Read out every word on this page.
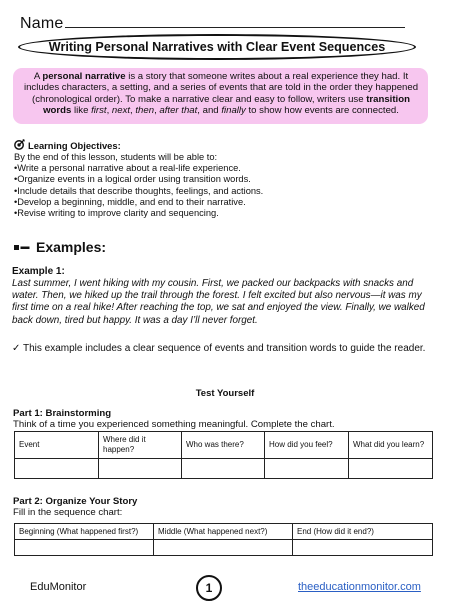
Name
Writing Personal Narratives with Clear Event Sequences
A personal narrative is a story that someone writes about a real experience they had. It includes characters, a setting, and a series of events that are told in the order they happened (chronological order). To make a narrative clear and easy to follow, writers use transition words like first, next, then, after that, and finally to show how events are connected.
Learning Objectives:
By the end of this lesson, students will be able to:
•Write a personal narrative about a real-life experience.
•Organize events in a logical order using transition words.
•Include details that describe thoughts, feelings, and actions.
•Develop a beginning, middle, and end to their narrative.
•Revise writing to improve clarity and sequencing.
Examples:
Example 1:
Last summer, I went hiking with my cousin. First, we packed our backpacks with snacks and water. Then, we hiked up the trail through the forest. I felt excited but also nervous—it was my first time on a real hike! After reaching the top, we sat and enjoyed the view. Finally, we walked back down, tired but happy. It was a day I’ll never forget.
✓ This example includes a clear sequence of events and transition words to guide the reader.
Test Yourself
Part 1: Brainstorming
Think of a time you experienced something meaningful. Complete the chart.
Event	Where did it happen?	Who was there?	How did you feel?	What did you learn?

Part 2: Organize Your Story
Fill in the sequence chart:
Beginning (What happened first?)	Middle (What happened next?)	End (How did it end?)

EduMonitor	1	theeducationmonitor.com
